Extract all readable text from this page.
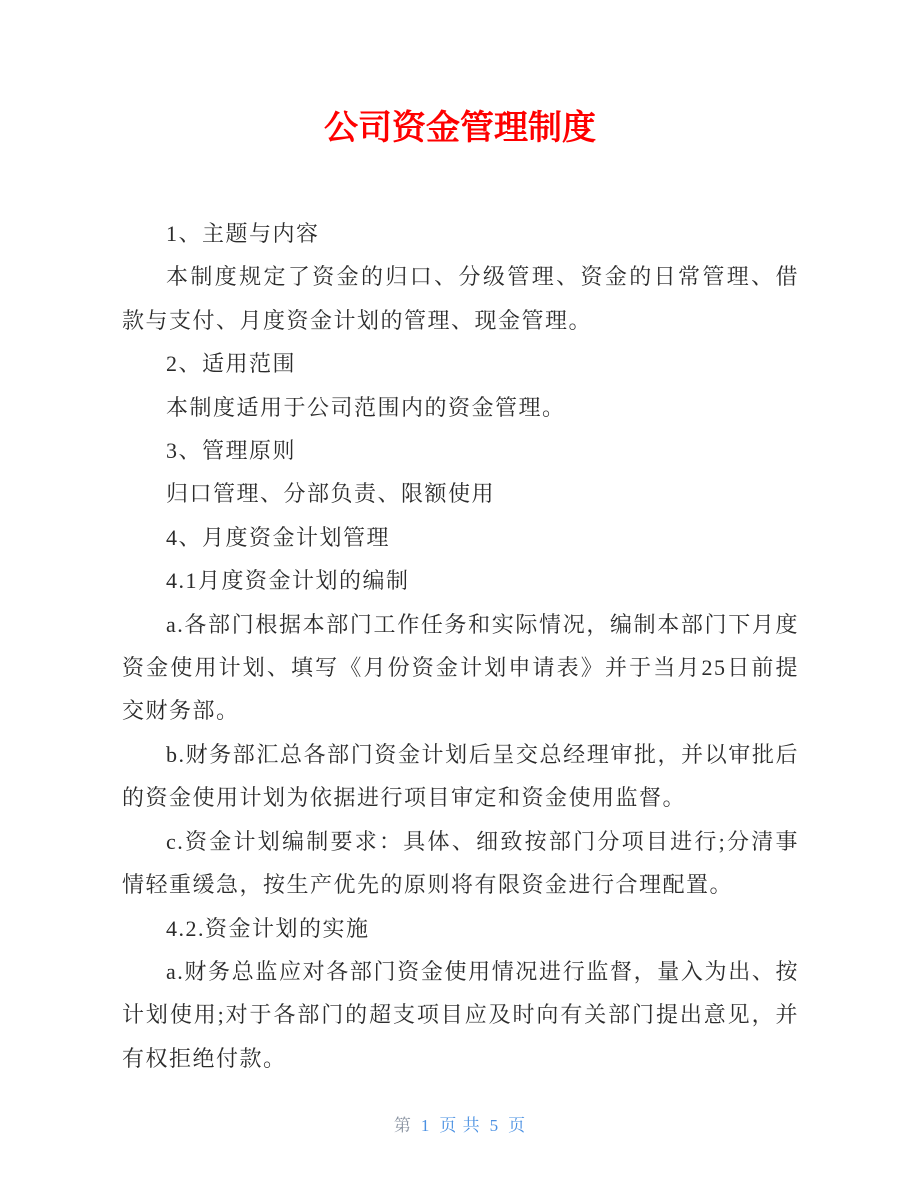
公司资金管理制度

1、主题与内容

本制度规定了资金的归口、分级管理、资金的日常管理、借款与支付、月度资金计划的管理、现金管理。

2、适用范围

本制度适用于公司范围内的资金管理。

3、管理原则

归口管理、分部负责、限额使用

4、月度资金计划管理

4.1月度资金计划的编制

a.各部门根据本部门工作任务和实际情况，编制本部门下月度资金使用计划、填写《月份资金计划申请表》并于当月25日前提交财务部。

b.财务部汇总各部门资金计划后呈交总经理审批，并以审批后的资金使用计划为依据进行项目审定和资金使用监督。

c.资金计划编制要求：具体、细致按部门分项目进行;分清事情轻重缓急，按生产优先的原则将有限资金进行合理配置。

4.2.资金计划的实施

a.财务总监应对各部门资金使用情况进行监督，量入为出、按计划使用;对于各部门的超支项目应及时向有关部门提出意见，并有权拒绝付款。

第 1 页 共 5 页
